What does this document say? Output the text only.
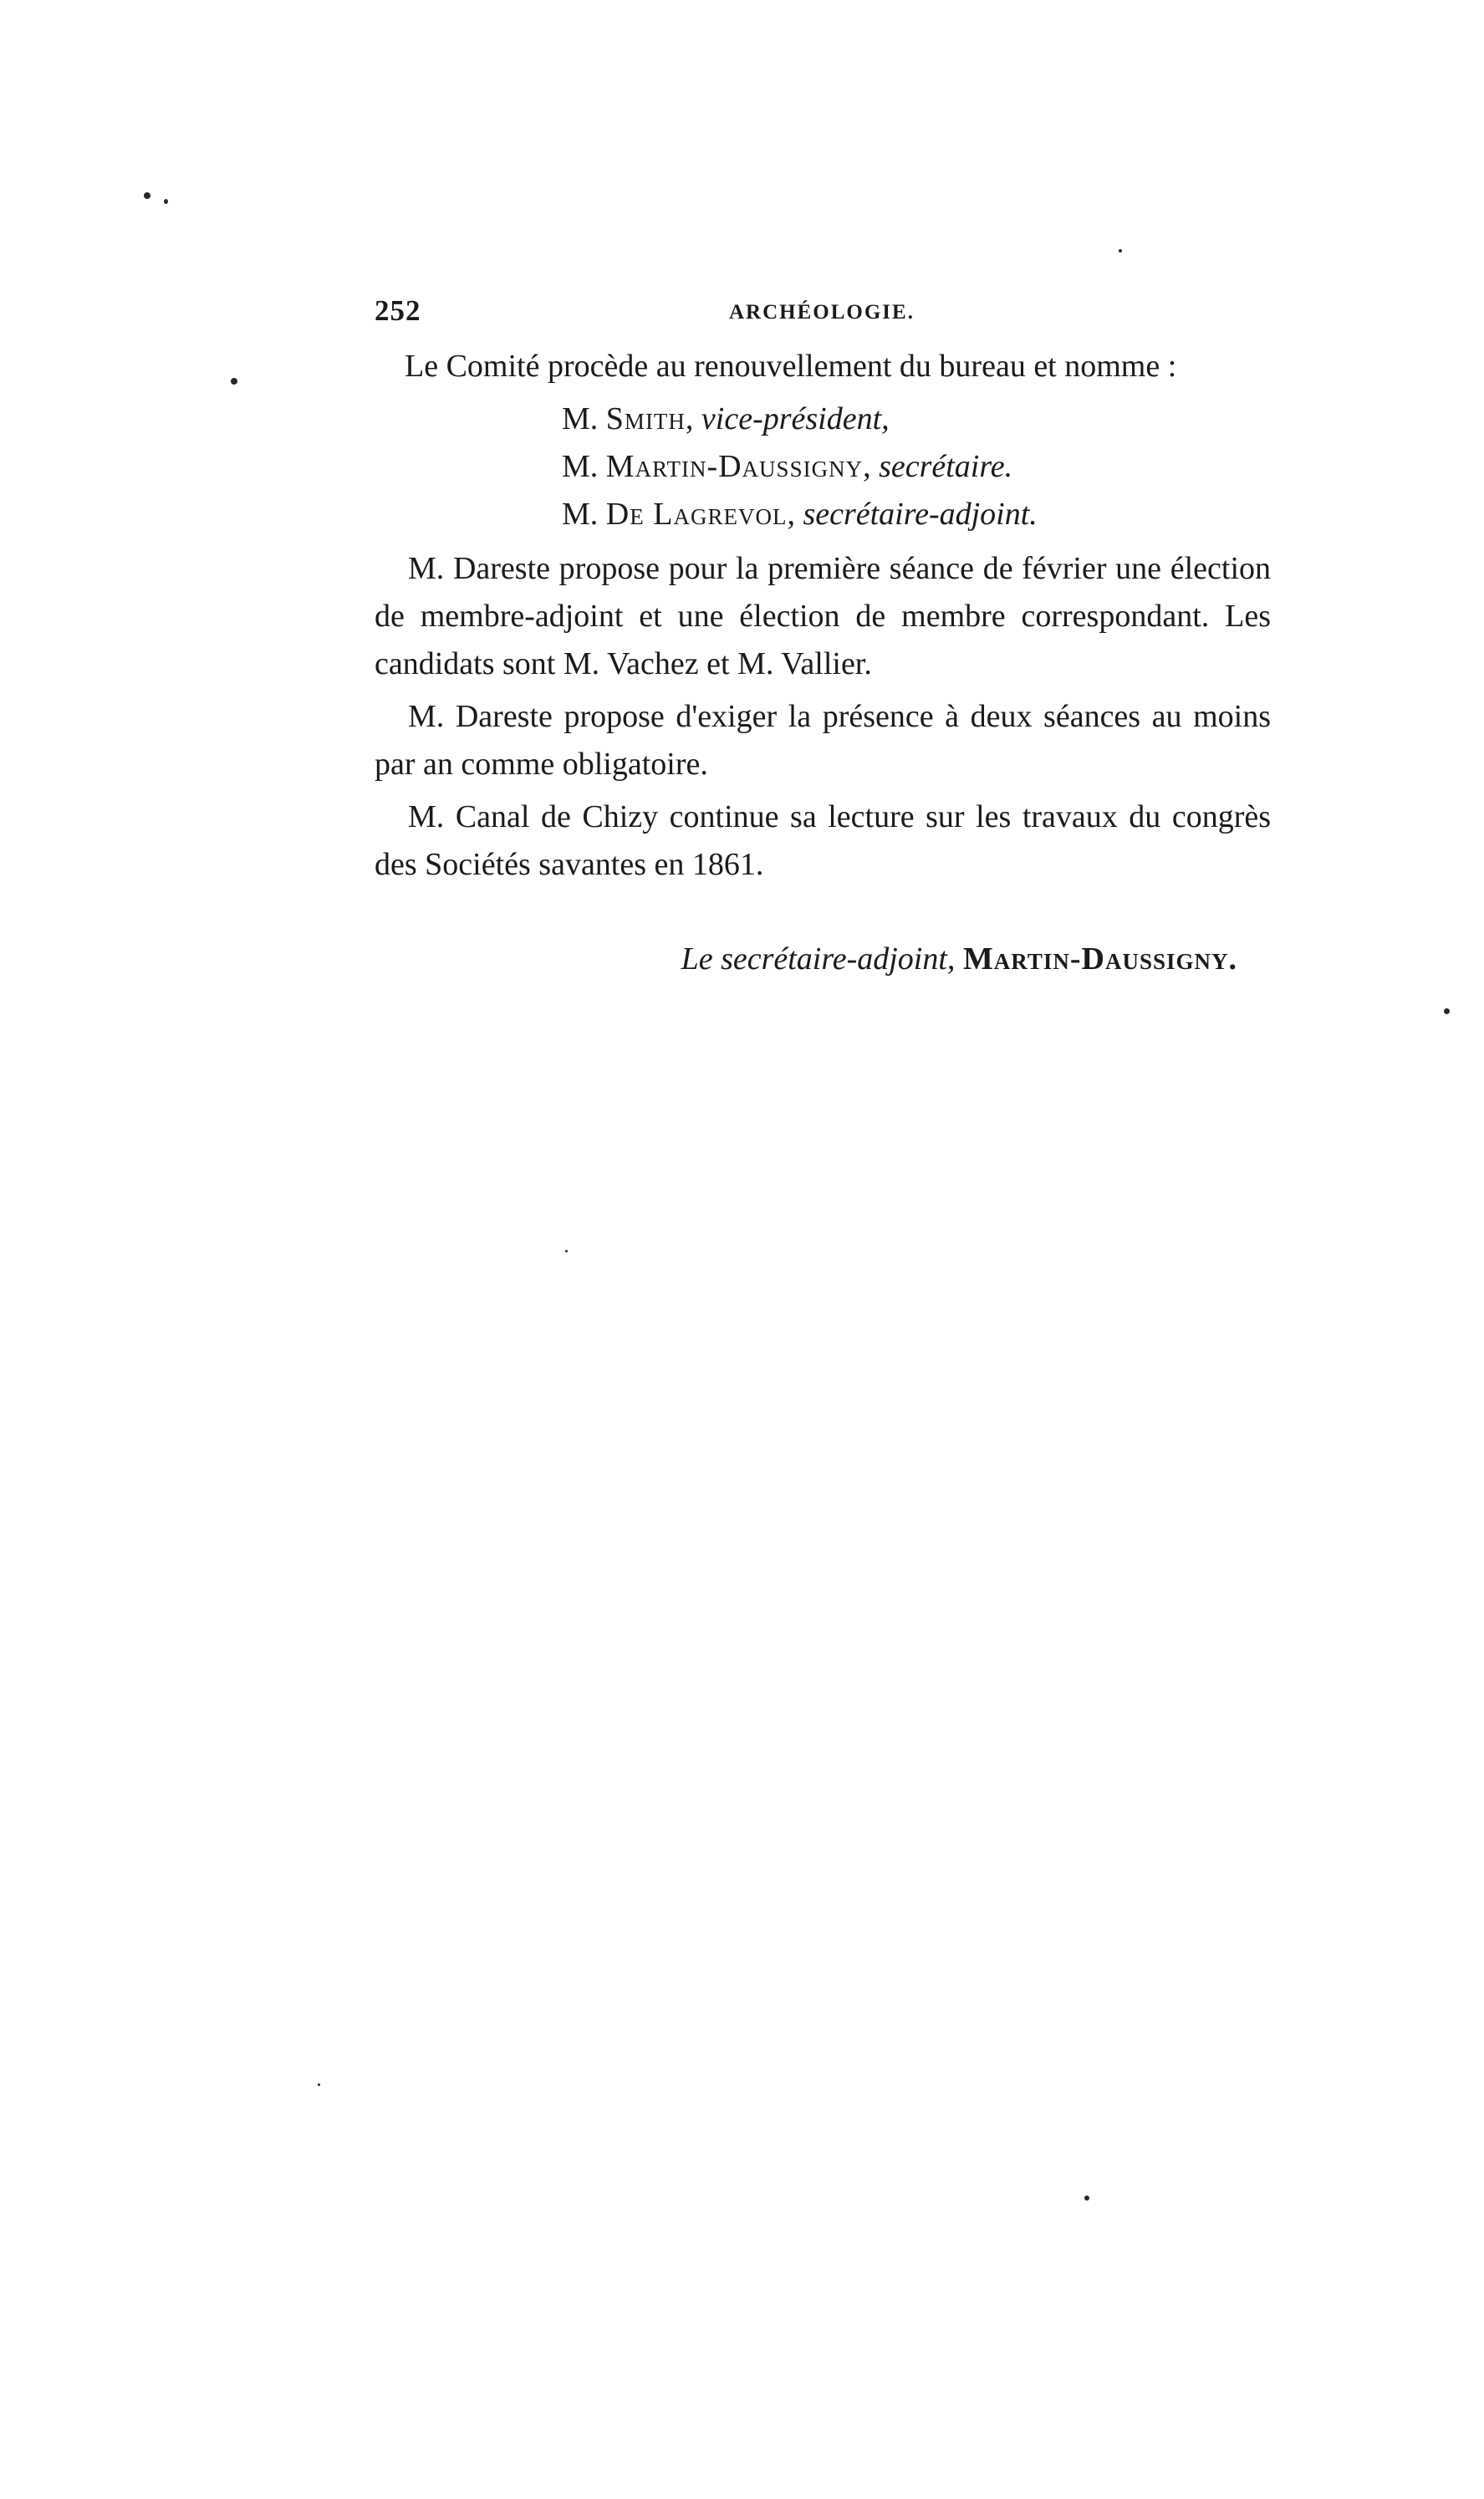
252	ARCHÉOLOGIE.

Le Comité procède au renouvellement du bureau et nomme :

M. Smith, vice-président,
M. Martin-Daussigny, secrétaire.
M. De Lagrevol, secrétaire-adjoint.

M. Dareste propose pour la première séance de février une élection de membre-adjoint et une élection de membre correspondant. Les candidats sont M. Vachez et M. Vallier.

M. Dareste propose d'exiger la présence à deux séances au moins par an comme obligatoire.

M. Canal de Chizy continue sa lecture sur les travaux du congrès des Sociétés savantes en 1861.

Le secrétaire-adjoint, Martin-Daussigny.
